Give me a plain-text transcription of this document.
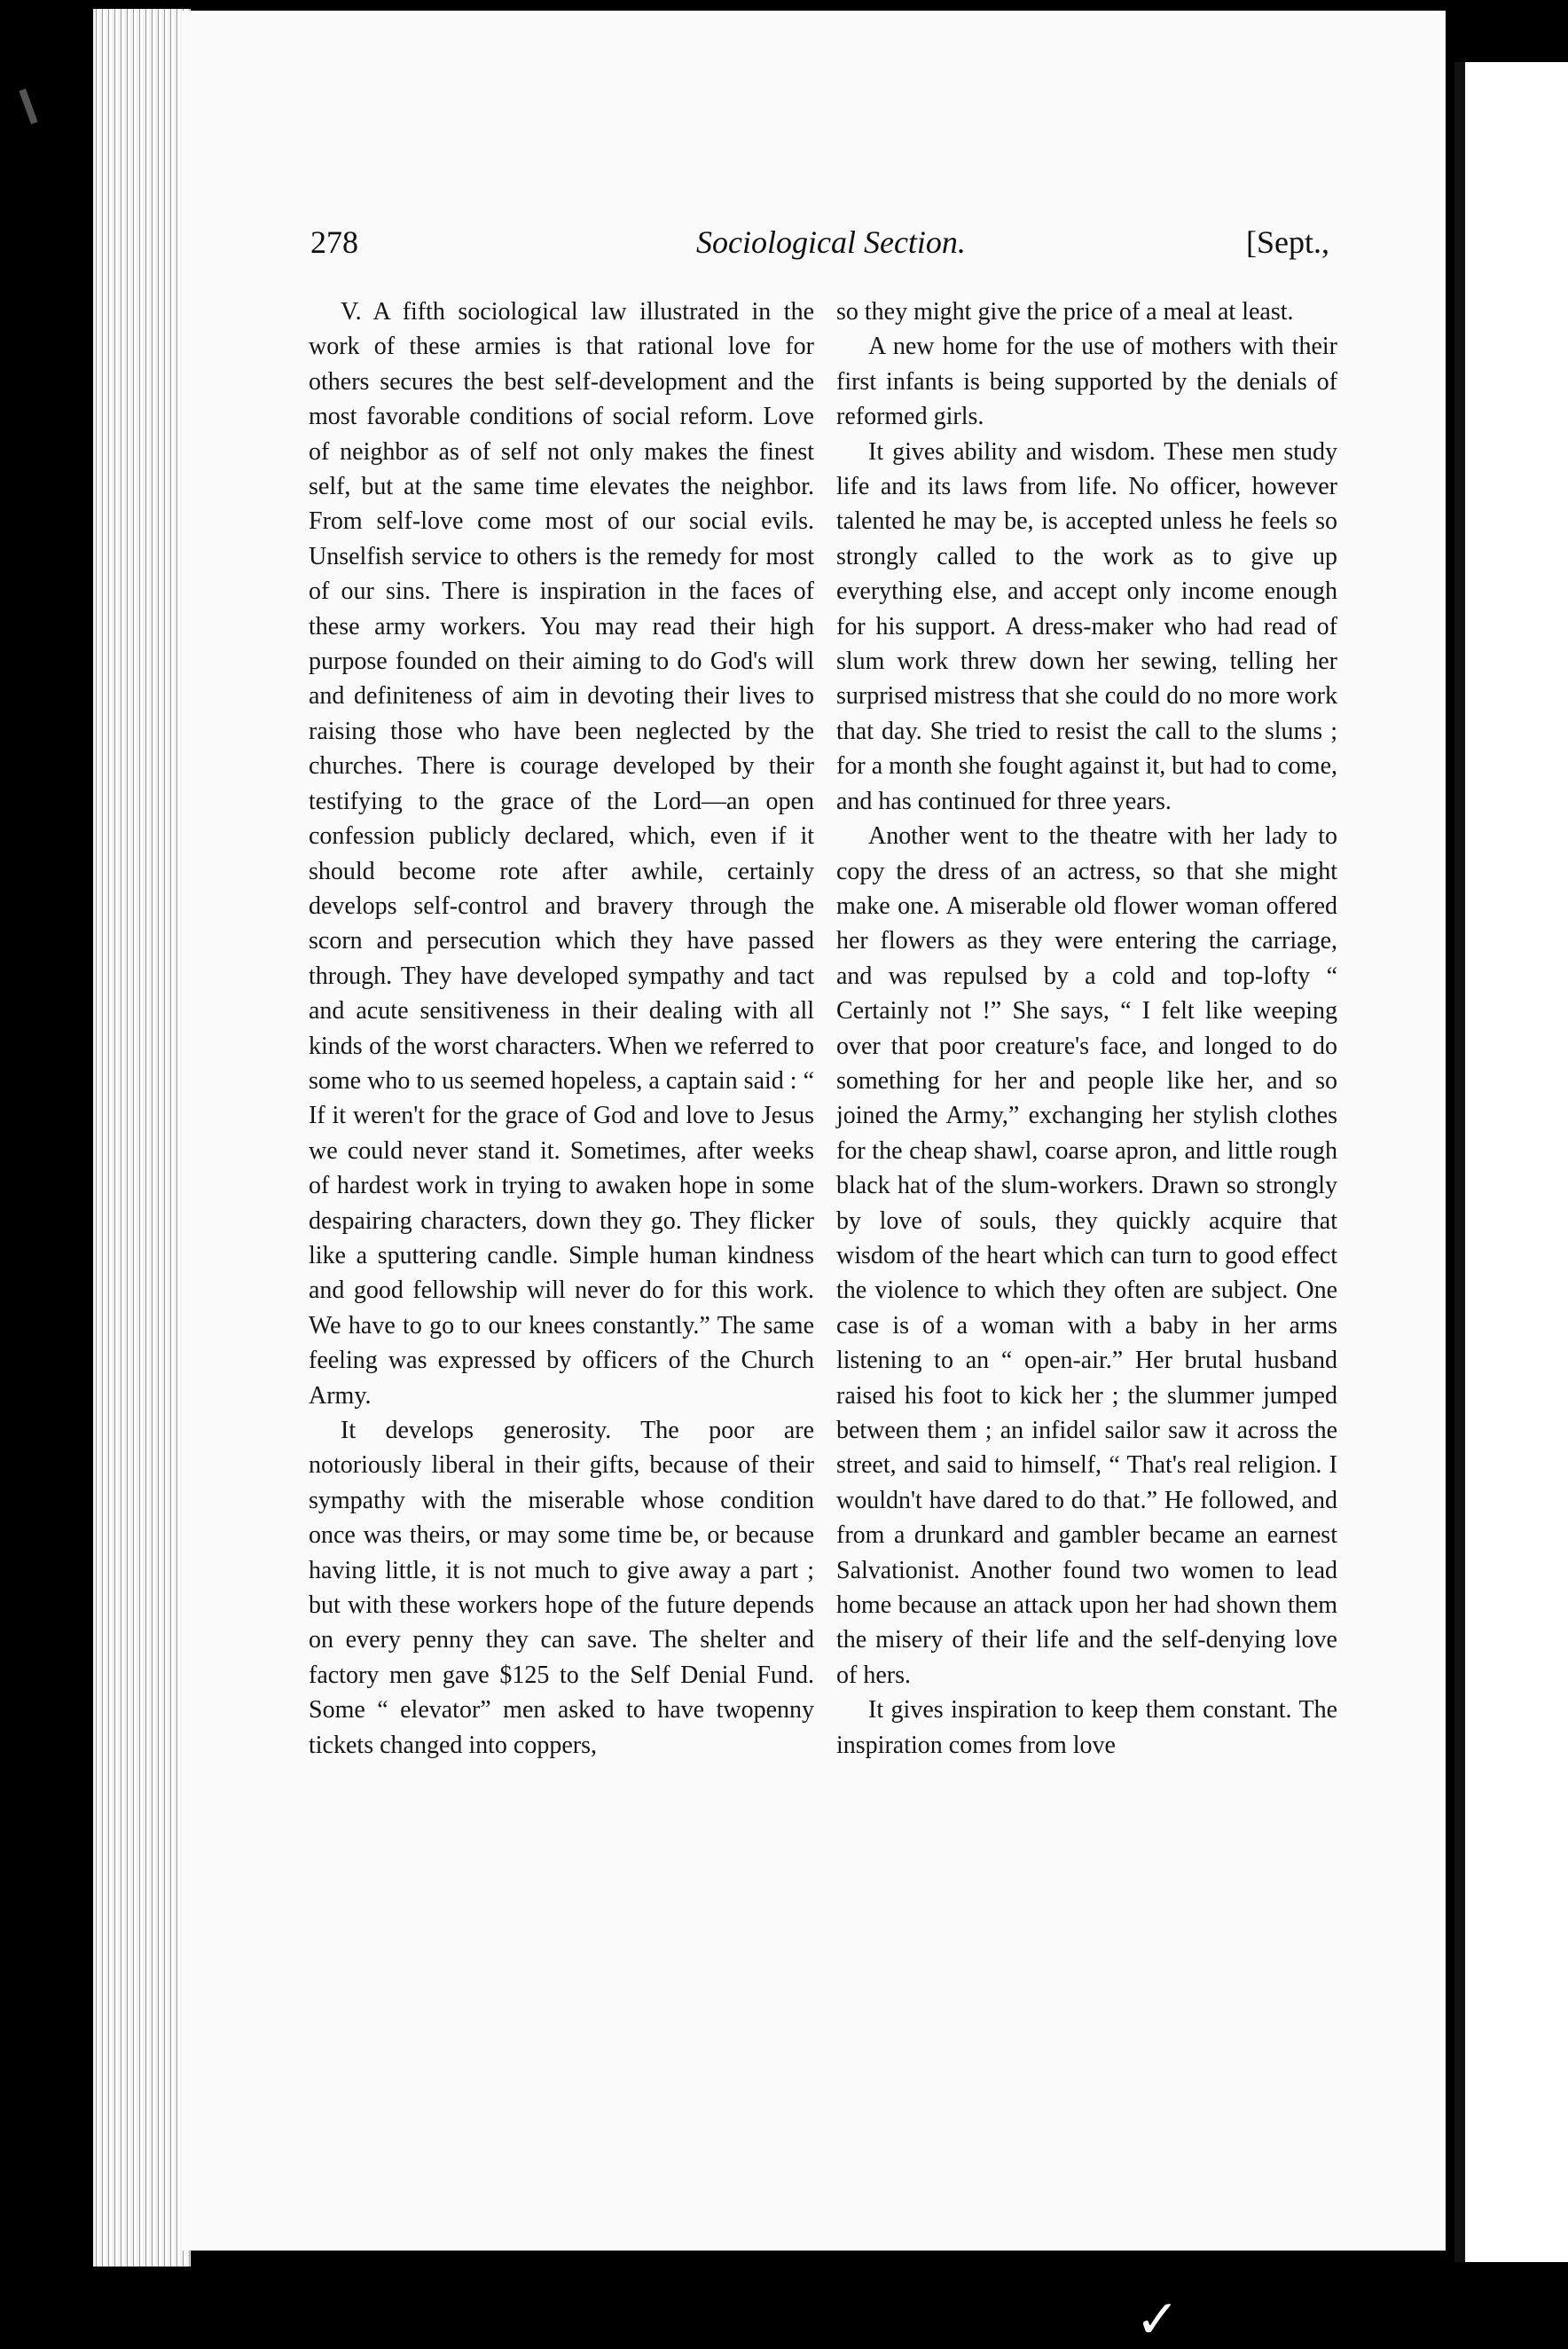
278	Sociological Section.	[Sept.,

V. A fifth sociological law illustrated in the work of these armies is that rational love for others secures the best self-development and the most favorable conditions of social reform. Love of neighbor as of self not only makes the finest self, but at the same time elevates the neighbor. From self-love come most of our social evils. Unselfish service to others is the remedy for most of our sins. There is inspiration in the faces of these army workers. You may read their high purpose founded on their aiming to do God's will and definiteness of aim in devoting their lives to raising those who have been neglected by the churches. There is courage developed by their testifying to the grace of the Lord—an open confession publicly declared, which, even if it should become rote after awhile, certainly develops self-control and bravery through the scorn and persecution which they have passed through. They have developed sympathy and tact and acute sensitiveness in their dealing with all kinds of the worst characters. When we referred to some who to us seemed hopeless, a captain said : “ If it weren't for the grace of God and love to Jesus we could never stand it. Sometimes, after weeks of hardest work in trying to awaken hope in some despairing characters, down they go. They flicker like a sputtering candle. Simple human kindness and good fellowship will never do for this work. We have to go to our knees constantly.” The same feeling was expressed by officers of the Church Army.

It develops generosity. The poor are notoriously liberal in their gifts, because of their sympathy with the miserable whose condition once was theirs, or may some time be, or because having little, it is not much to give away a part ; but with these workers hope of the future depends on every penny they can save. The shelter and factory men gave $125 to the Self Denial Fund. Some “ elevator” men asked to have twopenny tickets changed into coppers,

so they might give the price of a meal at least.

A new home for the use of mothers with their first infants is being supported by the denials of reformed girls.

It gives ability and wisdom. These men study life and its laws from life. No officer, however talented he may be, is accepted unless he feels so strongly called to the work as to give up everything else, and accept only income enough for his support. A dress-maker who had read of slum work threw down her sewing, telling her surprised mistress that she could do no more work that day. She tried to resist the call to the slums ; for a month she fought against it, but had to come, and has continued for three years.

Another went to the theatre with her lady to copy the dress of an actress, so that she might make one. A miserable old flower woman offered her flowers as they were entering the carriage, and was repulsed by a cold and top-lofty “ Certainly not !” She says, “ I felt like weeping over that poor creature's face, and longed to do something for her and people like her, and so joined the Army,” exchanging her stylish clothes for the cheap shawl, coarse apron, and little rough black hat of the slum-workers. Drawn so strongly by love of souls, they quickly acquire that wisdom of the heart which can turn to good effect the violence to which they often are subject. One case is of a woman with a baby in her arms listening to an “ open-air.” Her brutal husband raised his foot to kick her ; the slummer jumped between them ; an infidel sailor saw it across the street, and said to himself, “ That's real religion. I wouldn't have dared to do that.” He followed, and from a drunkard and gambler became an earnest Salvationist. Another found two women to lead home because an attack upon her had shown them the misery of their life and the self-denying love of hers.

It gives inspiration to keep them constant. The inspiration comes from love

✓
